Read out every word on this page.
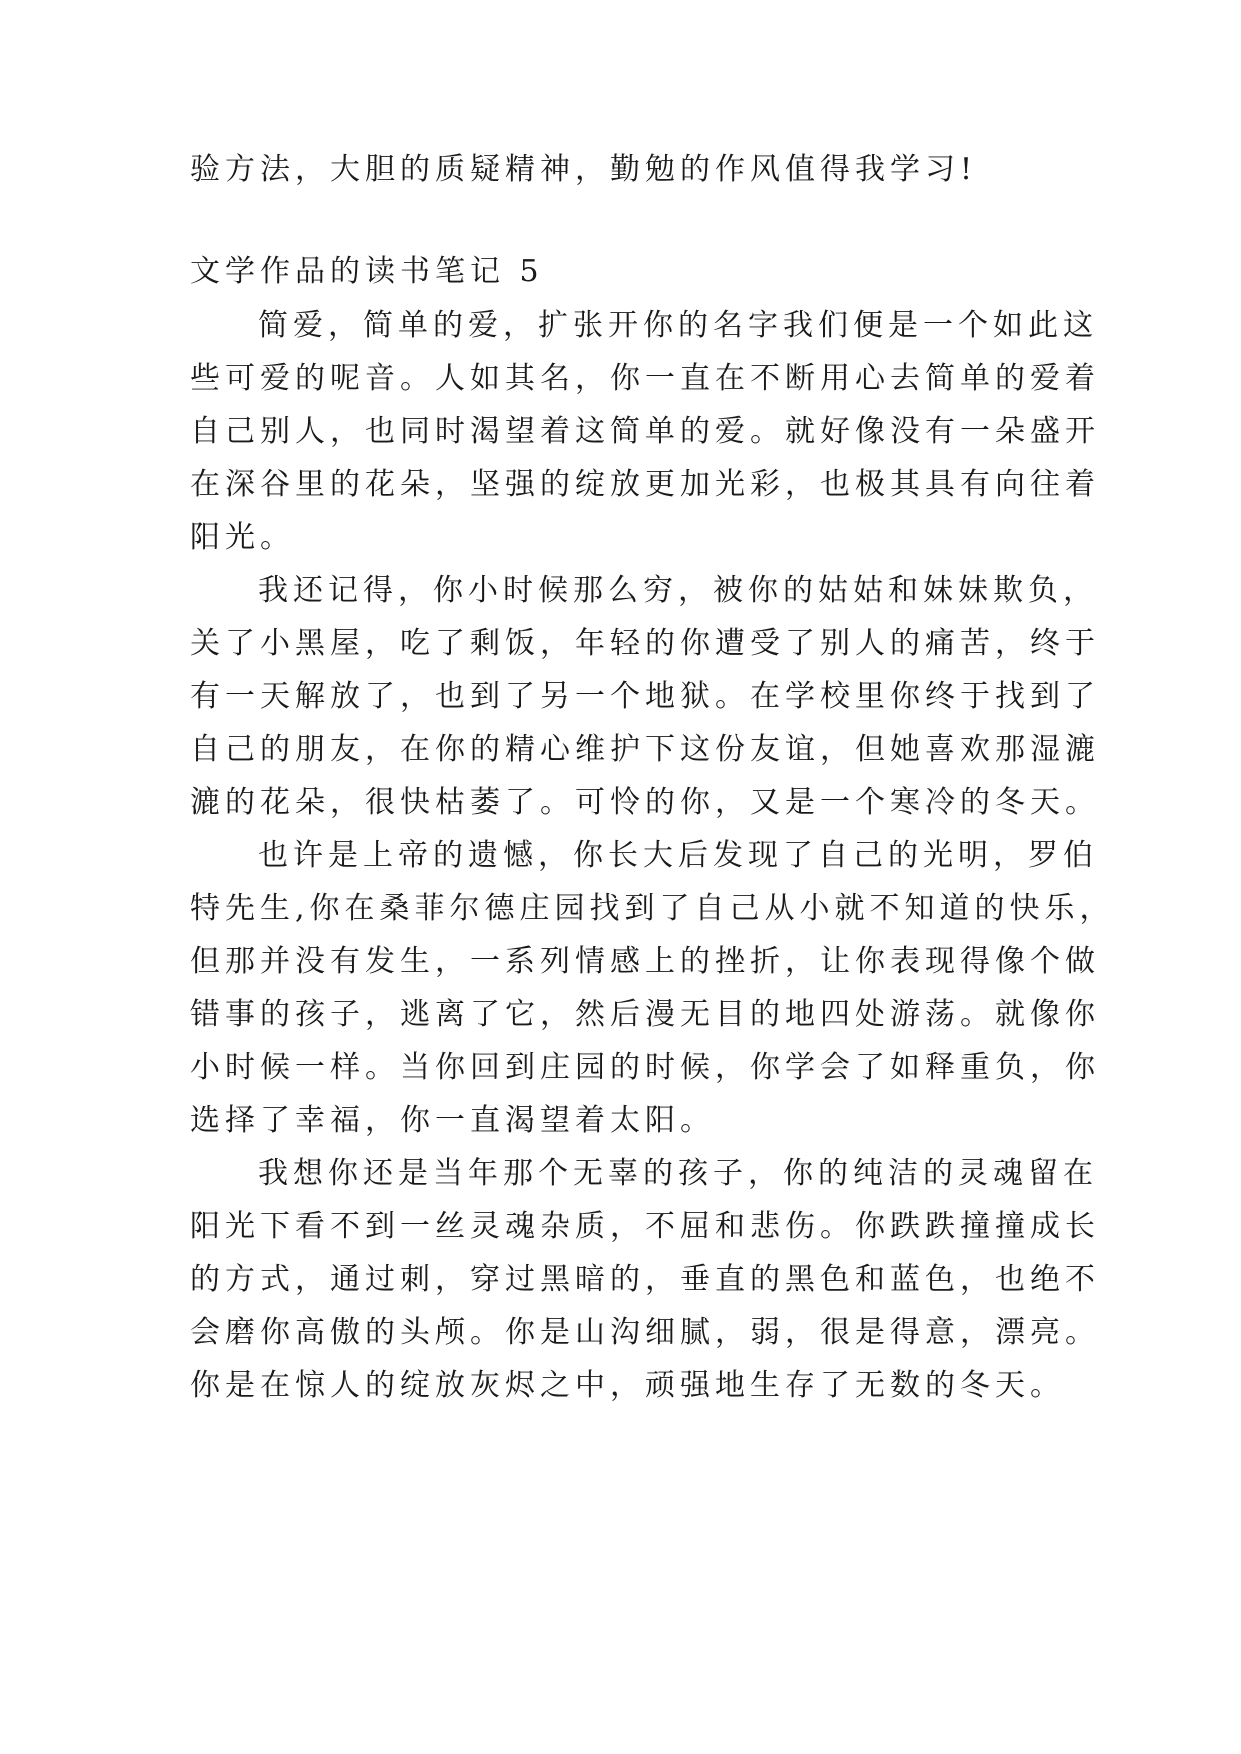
验方法，大胆的质疑精神，勤勉的作风值得我学习!
文学作品的读书笔记 5
简爱，简单的爱，扩张开你的名字我们便是一个如此这
些可爱的呢音。人如其名，你一直在不断用心去简单的爱着
自己别人，也同时渴望着这简单的爱。就好像没有一朵盛开
在深谷里的花朵，坚强的绽放更加光彩，也极其具有向往着
阳光。
我还记得，你小时候那么穷，被你的姑姑和妹妹欺负，
关了小黑屋，吃了剩饭，年轻的你遭受了别人的痛苦，终于
有一天解放了，也到了另一个地狱。在学校里你终于找到了
自己的朋友，在你的精心维护下这份友谊，但她喜欢那湿漉
漉的花朵，很快枯萎了。可怜的你，又是一个寒冷的冬天。
也许是上帝的遗憾，你长大后发现了自己的光明，罗伯
特先生,你在桑菲尔德庄园找到了自己从小就不知道的快乐，
但那并没有发生，一系列情感上的挫折，让你表现得像个做
错事的孩子，逃离了它，然后漫无目的地四处游荡。就像你
小时候一样。当你回到庄园的时候，你学会了如释重负，你
选择了幸福，你一直渴望着太阳。
我想你还是当年那个无辜的孩子，你的纯洁的灵魂留在
阳光下看不到一丝灵魂杂质，不屈和悲伤。你跌跌撞撞成长
的方式，通过刺，穿过黑暗的，垂直的黑色和蓝色，也绝不
会磨你高傲的头颅。你是山沟细腻，弱，很是得意，漂亮。
你是在惊人的绽放灰烬之中，顽强地生存了无数的冬天。
